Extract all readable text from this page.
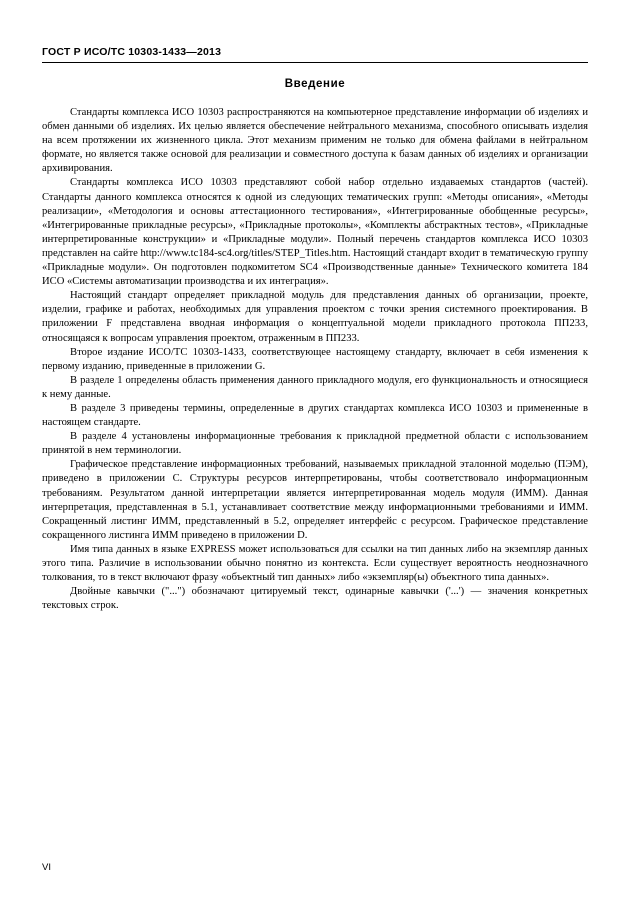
ГОСТ Р ИСО/ТС 10303-1433—2013
Введение

Стандарты комплекса ИСО 10303 распространяются на компьютерное представление информации об изделиях и обмен данными об изделиях. Их целью является обеспечение нейтрального механизма, способного описывать изделия на всем протяжении их жизненного цикла. Этот механизм применим не только для обмена файлами в нейтральном формате, но является также основой для реализации и совместного доступа к базам данных об изделиях и организации архивирования.

Стандарты комплекса ИСО 10303 представляют собой набор отдельно издаваемых стандартов (частей). Стандарты данного комплекса относятся к одной из следующих тематических групп: «Методы описания», «Методы реализации», «Методология и основы аттестационного тестирования», «Интегрированные обобщенные ресурсы», «Интегрированные прикладные ресурсы», «Прикладные протоколы», «Комплекты абстрактных тестов», «Прикладные интерпретированные конструкции» и «Прикладные модули». Полный перечень стандартов комплекса ИСО 10303 представлен на сайте http://www.tc184-sc4.org/titles/STEP_Titles.htm. Настоящий стандарт входит в тематическую группу «Прикладные модули». Он подготовлен подкомитетом SC4 «Производственные данные» Технического комитета 184 ИСО «Системы автоматизации производства и их интеграция».

Настоящий стандарт определяет прикладной модуль для представления данных об организации, проекте, изделии, графике и работах, необходимых для управления проектом с точки зрения системного проектирования. В приложении F представлена вводная информация о концептуальной модели прикладного протокола ПП233, относящаяся к вопросам управления проектом, отраженным в ПП233.

Второе издание ИСО/ТС 10303-1433, соответствующее настоящему стандарту, включает в себя изменения к первому изданию, приведенные в приложении G.

В разделе 1 определены область применения данного прикладного модуля, его функциональность и относящиеся к нему данные.

В разделе 3 приведены термины, определенные в других стандартах комплекса ИСО 10303 и примененные в настоящем стандарте.

В разделе 4 установлены информационные требования к прикладной предметной области с использованием принятой в нем терминологии.

Графическое представление информационных требований, называемых прикладной эталонной моделью (ПЭМ), приведено в приложении C. Структуры ресурсов интерпретированы, чтобы соответствовало информационным требованиям. Результатом данной интерпретации является интерпретированная модель модуля (ИММ). Данная интерпретация, представленная в 5.1, устанавливает соответствие между информационными требованиями и ИММ. Сокращенный листинг ИММ, представленный в 5.2, определяет интерфейс с ресурсом. Графическое представление сокращенного листинга ИММ приведено в приложении D.

Имя типа данных в языке EXPRESS может использоваться для ссылки на тип данных либо на экземпляр данных этого типа. Различие в использовании обычно понятно из контекста. Если существует вероятность неоднозначного толкования, то в текст включают фразу «объектный тип данных» либо «экземпляр(ы) объектного типа данных».

Двойные кавычки ("...") обозначают цитируемый текст, одинарные кавычки ('...') — значения конкретных текстовых строк.

VI
